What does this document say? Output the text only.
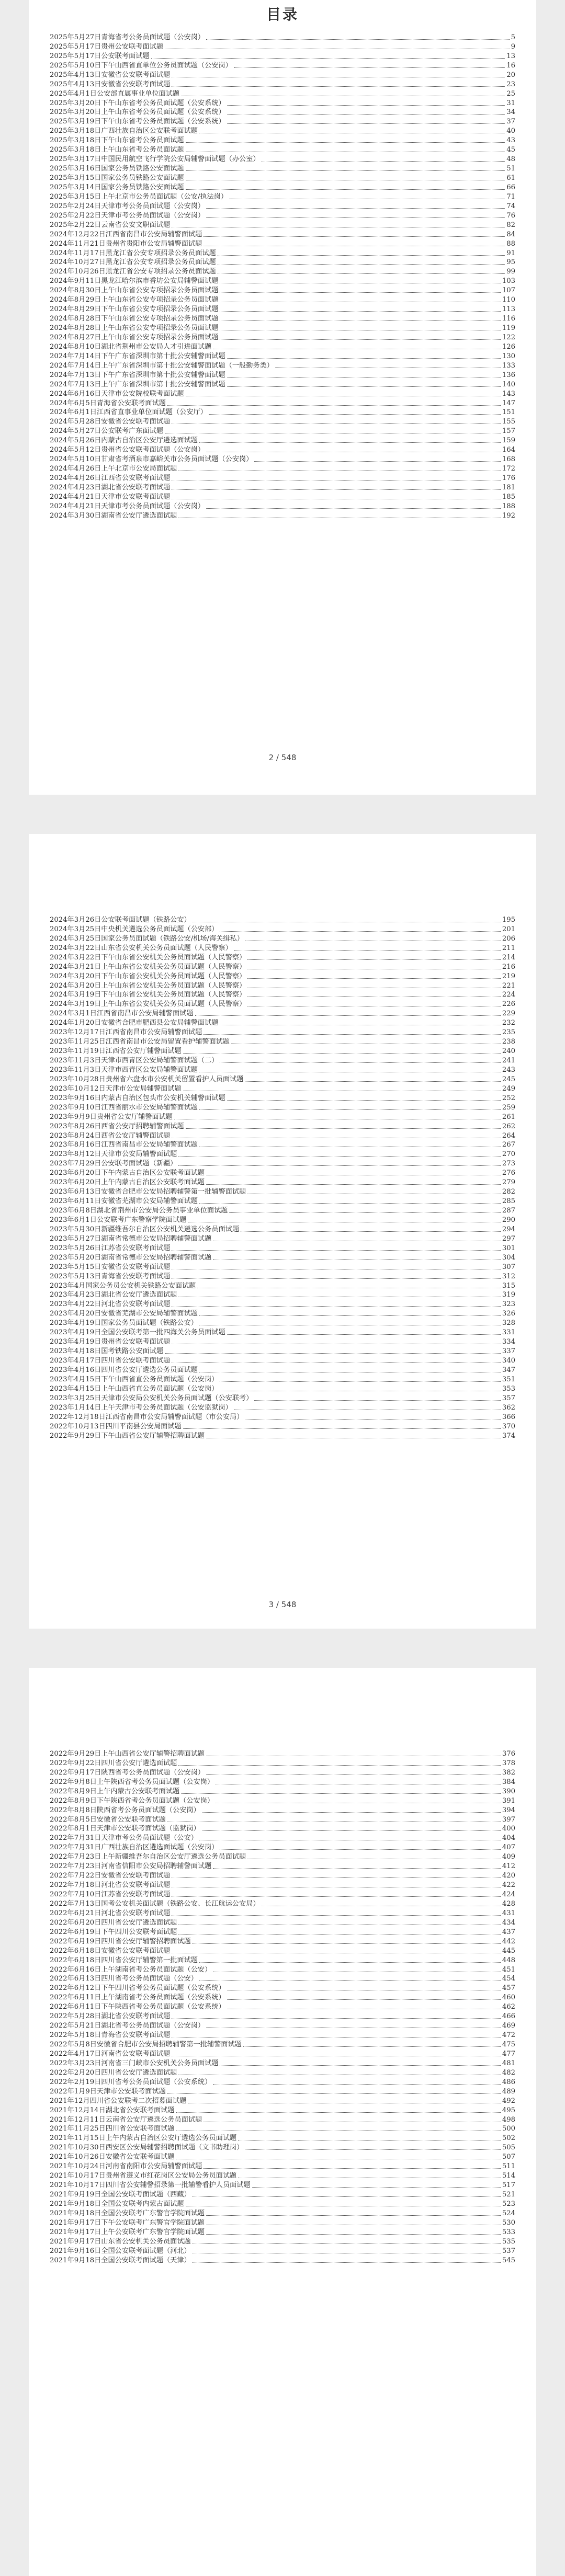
目录
2025年5月27日青海省考公务员面试题（公安岗）	5
2025年5月17日贵州公安联考面试题	9
2025年5月17日公安联考面试题	13
2025年5月10日下午山西省直单位公务员面试题（公安岗）	16
2025年4月13日安徽省公安联考面试题	20
2025年4月13日安徽省公安联考面试题	23
2025年4月1日公安部直属事业单位面试题	25
2025年3月20日下午山东省考公务员面试题（公安系统）	31
2025年3月20日上午山东省考公务员面试题（公安系统）	34
2025年3月19日下午山东省考公务员面试题（公安系统）	37
2025年3月18日广西壮族自治区公安联考面试题	40
2025年3月18日下午山东省考公务员面试题	43
2025年3月18日上午山东省考公务员面试题	45
2025年3月17日中国民用航空飞行学院公安局辅警面试题（办公室）	48
2025年3月16日国家公务员铁路公安面试题	51
2025年3月15日国家公务员铁路公安面试题	61
2025年3月14日国家公务员铁路公安面试题	66
2025年3月15日上午北京市公务员面试题（公安/执法岗）	71
2025年2月24日天津市考公务员面试题（公安岗）	74
2025年2月22日天津市考公务员面试题（公安岗）	76
2025年2月22日云南省公安文职面试题	82
2024年12月22日江西省南昌市公安局辅警面试题	84
2024年11月21日贵州省贵阳市公安局辅警面试题	88
2024年11月17日黑龙江省公安专项招录公务员面试题	91
2024年10月27日黑龙江省公安专项招录公务员面试题	95
2024年10月26日黑龙江省公安专项招录公务员面试题	99
2024年9月11日黑龙江哈尔滨市香坊公安局辅警面试题	103
2024年8月30日上午山东省公安专项招录公务员面试题	107
2024年8月29日上午山东省公安专项招录公务员面试题	110
2024年8月29日下午山东省公安专项招录公务员面试题	113
2024年8月28日下午山东省公安专项招录公务员面试题	116
2024年8月28日上午山东省公安专项招录公务员面试题	119
2024年8月27日上午山东省公安专项招录公务员面试题	122
2024年8月10日湖北省荆州市公安局人才引进面试题	126
2024年7月14日下午广东省深圳市第十批公安辅警面试题	130
2024年7月14日上午广东省深圳市第十批公安辅警面试题（一般勤务类）	133
2024年7月13日下午广东省深圳市第十批公安辅警面试题	136
2024年7月13日上午广东省深圳市第十批公安辅警面试题	140
2024年6月16日天津市公安院校联考面试题	143
2024年6月5日青海省公安联考面试题	147
2024年6月1日江西省直事业单位面试题（公安厅）	151
2024年5月28日安徽省公安联考面试题	155
2024年5月27日公安联考广东面试题	157
2024年5月26日内蒙古自治区公安厅遴选面试题	159
2024年5月12日贵州省公安联考面试题（公安岗）	164
2024年5月10日甘肃省考酒泉市嘉峪关市公务员面试题（公安岗）	168
2024年4月26日上午北京市公安局面试题	172
2024年4月26日江西省公安联考面试题	176
2024年4月23日湖北省公安联考面试题	181
2024年4月21日天津市公安联考面试题	185
2024年4月21日天津市考公务员面试题（公安岗）	188
2024年3月30日湖南省公安厅遴选面试题	192
2 / 548
2024年3月26日公安联考面试题（铁路公安）	195
2024年3月25日中央机关遴选公务员面试题（公安部）	201
2024年3月25日国家公务员面试题（铁路公安/机场/海关缉私）	206
2024年3月22日山东省公安机关公务员面试题（人民警察）	211
2024年3月22日下午山东省公安机关公务员面试题（人民警察）	214
2024年3月21日上午山东省公安机关公务员面试题（人民警察）	216
2024年3月20日下午山东省公安机关公务员面试题（人民警察）	219
2024年3月20日上午山东省公安机关公务员面试题（人民警察）	221
2024年3月19日下午山东省公安机关公务员面试题（人民警察）	224
2024年3月19日上午山东省公安机关公务员面试题（人民警察）	226
2024年3月1日江西省南昌市公安局辅警面试题	229
2024年1月20日安徽省合肥市肥西县公安局辅警面试题	232
2023年12月17日江西省南昌市公安局辅警面试题	235
2023年11月25日江西省南昌市公安局留置看护辅警面试题	238
2023年11月19日江西省公安厅辅警面试题	240
2023年11月3日天津市西青区公安局辅警面试题（二）	241
2023年11月3日天津市西青区公安局辅警面试题	243
2023年10月28日贵州省六盘水市公安机关留置看护人员面试题	245
2023年10月12日天津市公安局辅警面试题	249
2023年9月16日内蒙古自治区包头市公安机关辅警面试题	252
2023年9月10日江西省丽水市公安局辅警面试题	259
2023年9月9日贵州省公安厅辅警面试题	261
2023年8月26日西省公安厅招聘辅警面试题	262
2023年8月24日西省公安厅辅警面试题	264
2023年8月16日江西省南昌市公安局辅警面试题	267
2023年8月12日天津市公安局辅警面试题	270
2023年7月29日公安联考面试题（新疆）	273
2023年6月20日下午内蒙古自治区公安联考面试题	276
2023年6月20日上午内蒙古自治区公安联考面试题	279
2023年6月13日安徽省合肥市公安局招聘辅警第一批辅警面试题	282
2023年6月11日安徽省芜湖市公安局辅警面试题	285
2023年6月8日湖北省荆州市公安局公务员事业单位面试题	287
2023年6月1日公安联考广东警察学院面试题	290
2023年5月30日新疆维吾尔自治区公安机关遴选公务员面试题	294
2023年5月27日湖南省常德市公安局招聘辅警面试题	297
2023年5月26日江苏省公安联考面试题	301
2023年5月20日湖南省常德市公安局招聘辅警面试题	304
2023年5月15日安徽省公安联考面试题	307
2023年5月13日青海省公安联考面试题	312
2023年4月国家公务员公安机关铁路公安面试题	315
2023年4月23日湖北省公安厅遴选面试题	319
2023年4月22日河北省公安联考面试题	323
2023年4月20日安徽省芜湖市公安局辅警面试题	326
2023年4月19日国家公务员面试题（铁路公安）	328
2023年4月19日全国公安联考第一批四海关公务员面试题	331
2023年4月19日贵州省公安联考面试题	334
2023年4月18日国考铁路公安面试题	337
2023年4月17日四川省公安联考面试题	340
2023年4月16日四川省公安厅遴选公务员面试题	347
2023年4月15日下午山西省直公务员面试题（公安岗）	351
2023年4月15日上午山西省直公务员面试题（公安岗）	353
2023年3月25日天津市公安局公安机关公务员面试题（公安联考）	357
2023年1月14日上午天津市考公务员面试题（公安监狱岗）	362
2022年12月18日江西省南昌市公安局辅警面试题（市公安局）	366
2022年10月13日四川平南县公安局面试题	370
2022年9月29日下午山西省公安厅辅警招聘面试题	374
3 / 548
2022年9月29日上午山西省公安厅辅警招聘面试题	376
2022年9月22日四川省公安厅遴选面试题	378
2022年9月17日陕西省考公务员面试题（公安岗）	382
2022年9月8日上午陕西省考公务员面试题（公安岗）	384
2022年8月9日上午内蒙古公安联考面试题	390
2022年8月9日下午陕西省考公务员面试题（公安岗）	391
2022年8月8日陕西省考公务员面试题（公安岗）	394
2022年8月5日安徽省公安联考面试题	397
2022年8月1日天津市公安联考面试题（监狱岗）	400
2022年7月31日天津市考公务员面试题（公安）	404
2022年7月31日广西壮族自治区遴选面试题（公安岗）	407
2022年7月23日上午新疆维吾尔自治区公安厅遴选公务员面试题	409
2022年7月23日河南省信阳市公安局招聘辅警面试题	412
2022年7月22日安徽省公安联考面试题	420
2022年7月18日河北省公安联考面试题	422
2022年7月10日江苏省公安联考面试题	424
2022年7月13日国考公安机关面试题（铁路公安、长江航运公安局）	428
2022年6月21日河北省公安联考面试题	431
2022年6月20日四川省公安厅遴选面试题	434
2022年6月19日下午四川公安联考面试题	437
2022年6月19日四川省公安厅辅警招聘面试题	442
2022年6月18日安徽省公安联考面试题	445
2022年6月18日四川省公安厅辅警第一批面试题	448
2022年6月16日上午湖南省考公务员面试题（公安）	451
2022年6月13日四川省考公务员面试题（公安）	454
2022年6月12日下午四川省考公务员面试题（公安系统）	457
2022年6月11日上午湖南省考公务员面试题（公安系统）	460
2022年6月11日下午陕西省考公务员面试题（公安系统）	462
2022年5月28日湖北省公安联考面试题	466
2022年5月21日湖北省考公务员面试题（公安岗）	469
2022年5月18日青海省公安联考面试题	472
2022年5月8日安徽省合肥市公安局招聘辅警第一批辅警面试题	475
2022年4月17日河南省公安联考面试题	477
2022年3月23日河南省三门峡市公安机关公务员面试题	481
2022年2月20日四川省公安厅遴选面试题	482
2022年2月19日四川省考公务员面试题（公安系统）	486
2022年1月9日天津市公安联考面试题	489
2021年12月四川省公安联考二次招募面试题	492
2021年12月14日湖北省公安联考面试题	495
2021年12月11日云南省公安厅遴选公务员面试题	498
2021年11月25日四川省公安联考面试题	500
2021年11月15日上午内蒙古自治区公安厅遴选公务员面试题	502
2021年10月30日西安区公安局辅警招聘面试题（文书助理岗）	505
2021年10月26日安徽省公安联考面试题	507
2021年10月24日河南省南阳市公安局辅警面试题	511
2021年10月17日贵州省遵义市红花岗区公安局公务员面试题	514
2021年10月17日四川省公安辅警招录第一批辅警看护人员面试题	517
2021年9月19日全国公安联考面试题（西藏）	521
2021年9月18日全国公安联考内蒙古面试题	523
2021年9月18日全国公安联考广东警官学院面试题	524
2021年9月17日下午公安联考广东警官学院面试题	530
2021年9月17日上午公安联考广东警官学院面试题	533
2021年9月17日山东省公安机关公务员面试题	535
2021年9月16日全国公安联考面试题（河北）	537
2021年9月18日全国公安联考面试题（天津）	545
